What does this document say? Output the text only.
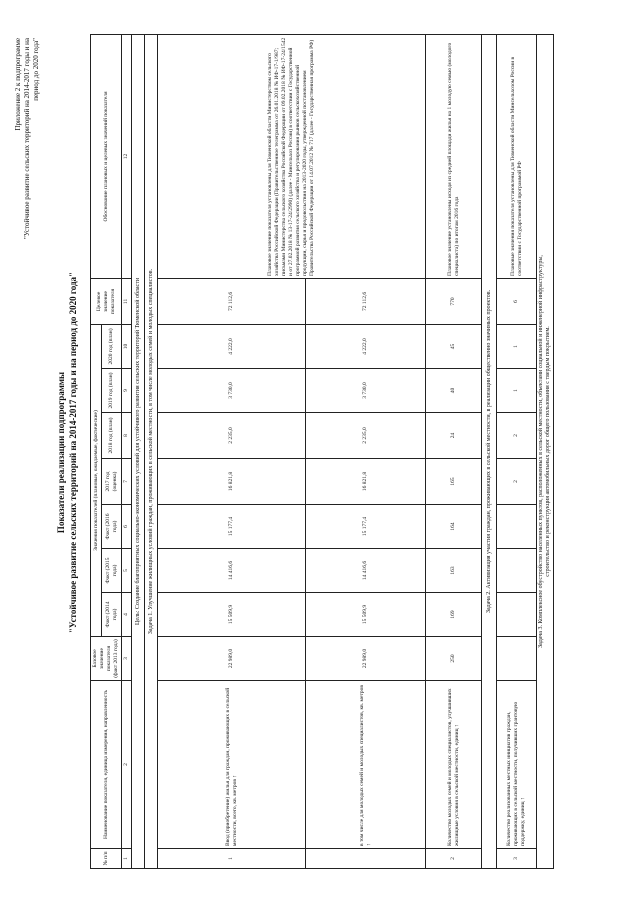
Приложение 2 к подпрограмме "Устойчивое развитие сельских территорий на 2014-2017 годы и на период до 2020 года"
Показатели реализации подпрограммы "Устойчивое развитие сельских территорий на 2014-2017 годы и на период до 2020 года"
№ п/п	Наименование показателя, единица измерения, направленность	Базовое значение показателя (факт 2013 года)	Значения показателей (плановые, ожидаемые, фактические)							Целевое значение показателя	Обоснование плановых и целевых значений показателя
			Факт (2014 года)	Факт (2015 года)	Факт (2016 года)	2017 год (оценка)	2018 год (план)	2019 год (план)	2020 год (план)		
1	2	3	4	5	6	7	8	9	10	11	12
Цель: Создание благоприятных социально-экономических условий для устойчивого развития сельских территорий Тюменской области											
Задача 1. Улучшение жилищных условий граждан, проживающих в сельской местности, в том числе молодых семей и молодых специалистов.											
1	Ввод (приобретение) жилья для граждан, проживающих в сельской местности, всего, кв. метров ↑	22 989,0	15 509,9	14 416,6	15 177,4	16 821,8	2 235,0	3 730,0	4 222,0	72 112,6	Плановое значение показателя установлены для Тюменской области Министерством сельского хозяйства Российской Федерации (Правительственное телеграмма от 26.01.2018 № ИФ-17-1/987; письмами Министерства сельского хозяйства Российской Федерации от 09.02.2018 № ИФ-17-24/1542 и от 27.02.2018 № 13-17-24/2990) (далее - Минсельхоз России) в соответствии с Государственной программой развития сельского хозяйства и регулирования рынков сельскохозяйственной продукции, сырья и продовольствия на 2013-2020 годы, утвержденной постановлением Правительства Российской Федерации от 14.07.2012 № 717 (далее - Государственная программа РФ)
	в том числе для молодых семей и молодых специалистов, кв. метров ↑	22 989,0	15 509,9	14 416,6	15 177,4	16 821,8	2 235,0	3 730,0	4 222,0	72 112,6	
2	Количество молодых семей и молодых специалистов, улучшивших жилищные условия в сельской местности, единиц ↑	250	169	163	164	165	24	40	45	770	Плановое значение установлены исходя из средней площади жилья на 1 молодую семью (молодого специалиста) по итогам 2016 года
Задача 2. Активизация участия граждан, проживающих в сельской местности, в реализации общественно значимых проектов.											
3	Количество реализованных местных инициатив граждан, проживающих в сельской местности, получивших грантовую поддержку, единиц ↑					2	2	1	1	6	Плановые значения показателя установлены для Тюменской области Минсельхозом России в соответствии с Государственной программой РФ

Задача 3. Комплексное обустройство населенных пунктов, расположенных в сельской местности, объектами социальной и инженерной инфраструктуры, строительство и реконструкция автомобильных дорог общего пользования с твердым покрытием.											
